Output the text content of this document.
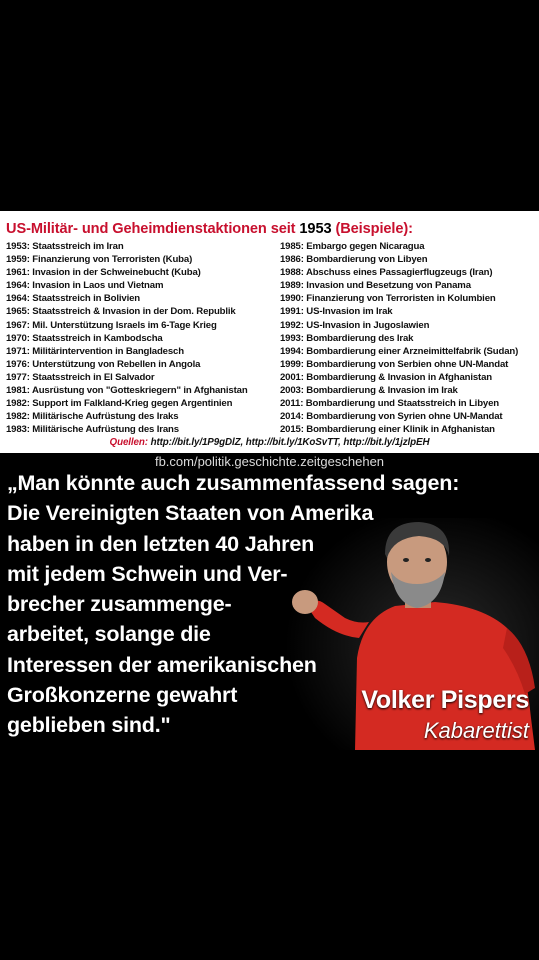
US-Militär- und Geheimdienstaktionen seit 1953 (Beispiele):
1953: Staatsstreich im Iran
1959: Finanzierung von Terroristen (Kuba)
1961: Invasion in der Schweinebucht (Kuba)
1964: Invasion in Laos und Vietnam
1964: Staatsstreich in Bolivien
1965: Staatsstreich & Invasion in der Dom. Republik
1967: Mil. Unterstützung Israels im 6-Tage Krieg
1970: Staatsstreich in Kambodscha
1971: Militärintervention in Bangladesch
1976: Unterstützung von Rebellen in Angola
1977: Staatsstreich in El Salvador
1981: Ausrüstung von "Gotteskriegern" in Afghanistan
1982: Support im Falkland-Krieg gegen Argentinien
1982: Militärische Aufrüstung des Iraks
1983: Militärische Aufrüstung des Irans
1985: Embargo gegen Nicaragua
1986: Bombardierung von Libyen
1988: Abschuss eines Passagierflugzeugs (Iran)
1989: Invasion und Besetzung von Panama
1990: Finanzierung von Terroristen in Kolumbien
1991: US-Invasion im Irak
1992: US-Invasion in Jugoslawien
1993: Bombardierung des Irak
1994: Bombardierung einer Arzneimittelfabrik (Sudan)
1999: Bombardierung von Serbien ohne UN-Mandat
2001: Bombardierung & Invasion in Afghanistan
2003: Bombardierung & Invasion im Irak
2011: Bombardierung und Staatsstreich in Libyen
2014: Bombardierung von Syrien ohne UN-Mandat
2015: Bombardierung einer Klinik in Afghanistan
Quellen: http://bit.ly/1P9gDlZ, http://bit.ly/1KoSvTT, http://bit.ly/1jzlpEH
fb.com/politik.geschichte.zeitgeschehen
„Man könnte auch zusammenfassend sagen:
Die Vereinigten Staaten von Amerika
haben in den letzten 40 Jahren
mit jedem Schwein und Ver-
brecher zusammenge-
arbeitet, solange die
Interessen der amerikanischen
Großkonzerne gewahrt
geblieben sind."
Volker Pispers
Kabarettist
